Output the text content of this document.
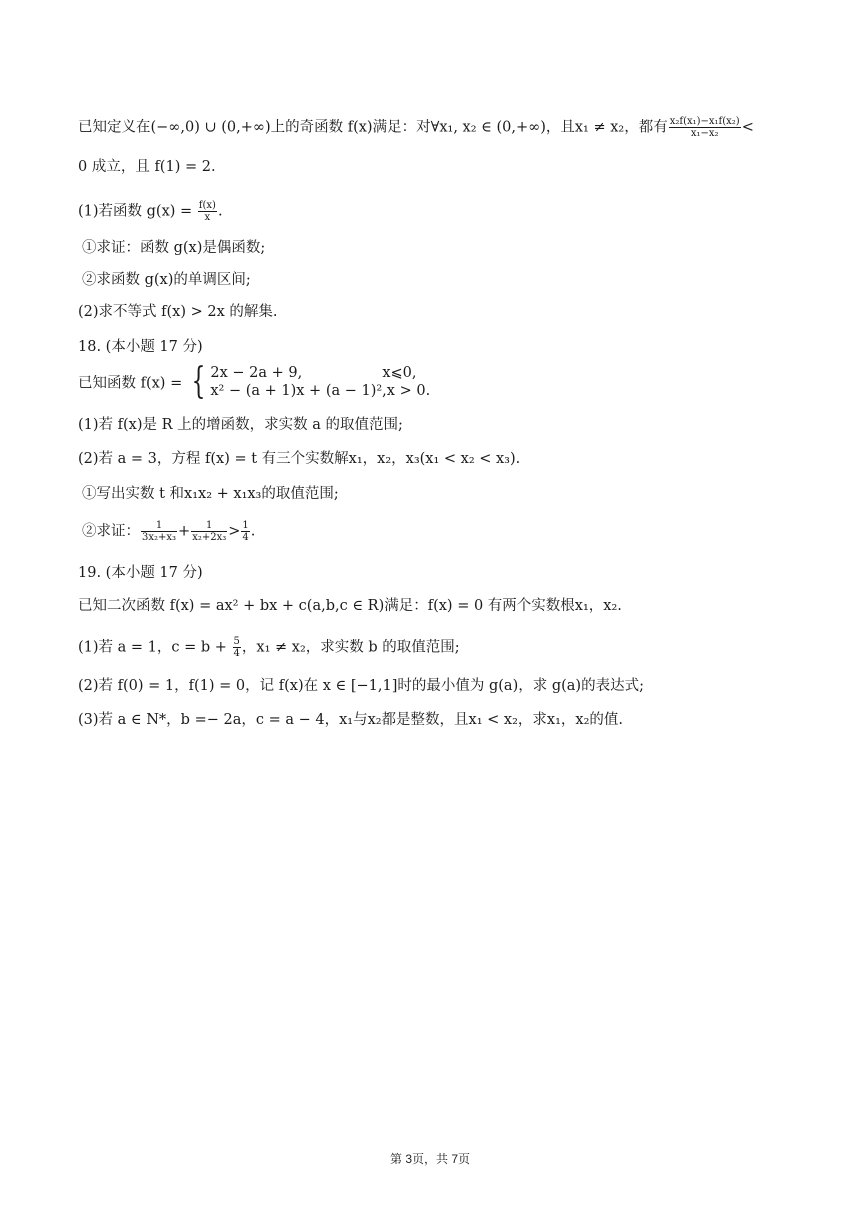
已知定义在(−∞,0) ∪ (0,+∞)上的奇函数 f(x)满足：对∀x₁, x₂ ∈ (0,+∞)，且x₁ ≠ x₂，都有 $\frac{\text{x₂f(x₁)−x₁f(x₂)}}{\text{x₁−x₂}}$ <
0 成立，且 f(1) = 2.
(1)若函数 $g(x) = \frac{f(x)}{x}$ .
①求证：函数 g(x)是偶函数;
②求函数 g(x)的单调区间;
(2)求不等式 f(x) > 2x 的解集.
18. (本小题 17 分)
已知函数 f(x) = { 2x − 2a + 9,	x⩽0,
x² − (a + 1)x + (a − 1)²,x > 0.
(1)若 f(x)是 R 上的增函数，求实数 a 的取值范围;
(2)若 a = 3，方程 f(x) = t 有三个实数解x₁，x₂，x₃(x₁ < x₂ < x₃).
①写出实数 t 和x₁x₂ + x₁x₃的取值范围;
②求证： $\frac{1}{\text{3x₂+x₃}} + \frac{1}{\text{x₂+2x₃}} > \frac{1}{4}$ .
19. (本小题 17 分)
已知二次函数 f(x) = ax² + bx + c(a,b,c ∈ R)满足：f(x) = 0 有两个实数根x₁，x₂.
(1)若 a = 1，$c = b + \frac{5}{4}$ ，x₁ ≠ x₂，求实数 b 的取值范围;
(2)若 f(0) = 1，f(1) = 0，记 f(x)在 x ∈ [−1,1]时的最小值为 g(a)，求 g(a)的表达式;
(3)若 a ∈ N*，b =− 2a，c = a − 4，x₁与x₂都是整数，且x₁ < x₂，求x₁，x₂的值.
第 3页，共 7页
